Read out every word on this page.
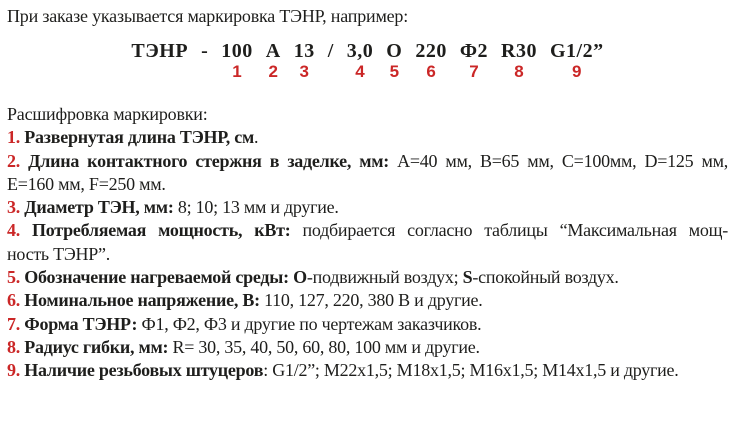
При заказе указывается маркировка ТЭНР, например:

ТЭНР - 100
1
А
2
13
3
/ 3,0
4
О
5
220
6
Ф2
7
R30
8
G1/2”
9
Расшифровка маркировки:
1. Развернутая длина ТЭНР, см.
2. Длина контактного стержня в заделке, мм: А=40 мм, В=65 мм, С=100мм, D=125 мм,
Е=160 мм, F=250 мм.
3. Диаметр ТЭН, мм: 8; 10; 13 мм и другие.
4. Потребляемая мощность, кВт: подбирается согласно таблицы “Максимальная мощ-
ность ТЭНР”.
5. Обозначение нагреваемой среды: О-подвижный воздух; S-спокойный воздух.
6. Номинальное напряжение, В: 110, 127, 220, 380 В и другие.
7. Форма ТЭНР: Ф1, Ф2, Ф3 и другие по чертежам заказчиков.
8. Радиус гибки, мм: R= 30, 35, 40, 50, 60, 80, 100 мм и другие.
9. Наличие резьбовых штуцеров: G1/2”; М22х1,5; М18х1,5; М16х1,5; М14х1,5 и другие.
